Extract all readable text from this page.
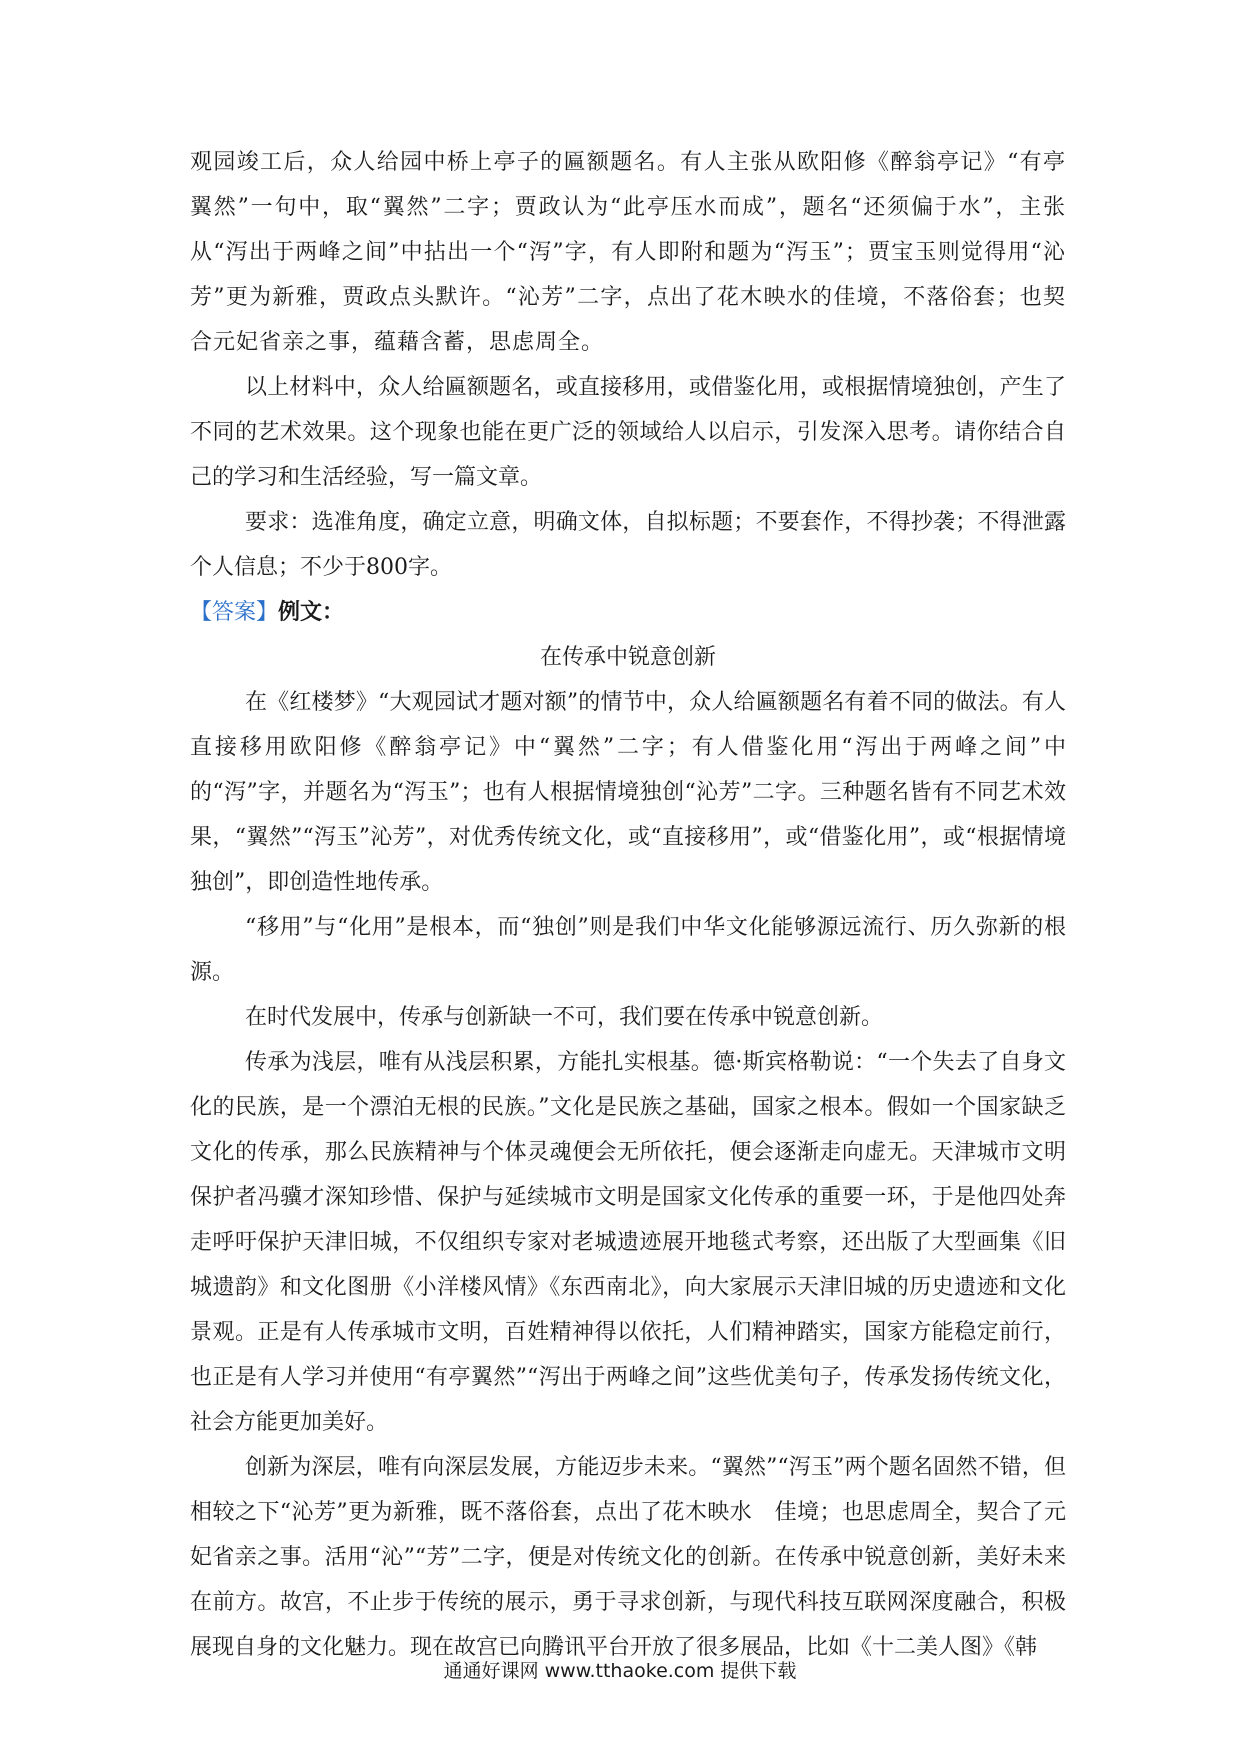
观园竣工后，众人给园中桥上亭子的匾额题名。有人主张从欧阳修《醉翁亭记》“有亭翼然”一句中，取“翼然”二字；贾政认为“此亭压水而成”，题名“还须偏于水”，主张从“泻出于两峰之间”中拈出一个“泻”字，有人即附和题为“泻玉”；贾宝玉则觉得用“沁芳”更为新雅，贾政点头默许。“沁芳”二字，点出了花木映水的佳境，不落俗套；也契合元妃省亲之事，蕴藉含蓄，思虑周全。

以上材料中，众人给匾额题名，或直接移用，或借鉴化用，或根据情境独创，产生了不同的艺术效果。这个现象也能在更广泛的领域给人以启示，引发深入思考。请你结合自己的学习和生活经验，写一篇文章。

要求：选准角度，确定立意，明确文体，自拟标题；不要套作，不得抄袭；不得泄露个人信息；不少于800字。

【答案】例文：

在传承中锐意创新

在《红楼梦》“大观园试才题对额”的情节中，众人给匾额题名有着不同的做法。有人直接移用欧阳修《醉翁亭记》中“翼然”二字；有人借鉴化用“泻出于两峰之间”中的“泻”字，并题名为“泻玉”；也有人根据情境独创“沁芳”二字。三种题名皆有不同艺术效果，“翼然”“泻玉”沁芳”，对优秀传统文化，或“直接移用”，或“借鉴化用”，或“根据情境独创”，即创造性地传承。

“移用”与“化用”是根本，而“独创”则是我们中华文化能够源远流行、历久弥新的根源。

在时代发展中，传承与创新缺一不可，我们要在传承中锐意创新。

传承为浅层，唯有从浅层积累，方能扎实根基。德·斯宾格勒说：“一个失去了自身文化的民族，是一个漂泊无根的民族。”文化是民族之基础，国家之根本。假如一个国家缺乏文化的传承，那么民族精神与个体灵魂便会无所依托，便会逐渐走向虚无。天津城市文明保护者冯骥才深知珍惜、保护与延续城市文明是国家文化传承的重要一环，于是他四处奔走呼吁保护天津旧城，不仅组织专家对老城遗迹展开地毯式考察，还出版了大型画集《旧城遗韵》和文化图册《小洋楼风情》《东西南北》，向大家展示天津旧城的历史遗迹和文化景观。正是有人传承城市文明，百姓精神得以依托，人们精神踏实，国家方能稳定前行，也正是有人学习并使用“有亭翼然”“泻出于两峰之间”这些优美句子，传承发扬传统文化，社会方能更加美好。

创新为深层，唯有向深层发展，方能迈步未来。“翼然”“泻玉”两个题名固然不错，但相较之下“沁芳”更为新雅，既不落俗套，点出了花木映水　佳境；也思虑周全，契合了元妃省亲之事。活用“沁”“芳”二字，便是对传统文化的创新。在传承中锐意创新，美好未来在前方。故宫，不止步于传统的展示，勇于寻求创新，与现代科技互联网深度融合，积极展现自身的文化魅力。现在故宫已向腾讯平台开放了很多展品，比如《十二美人图》《韩

通通好课网 www.tthaoke.com 提供下载
